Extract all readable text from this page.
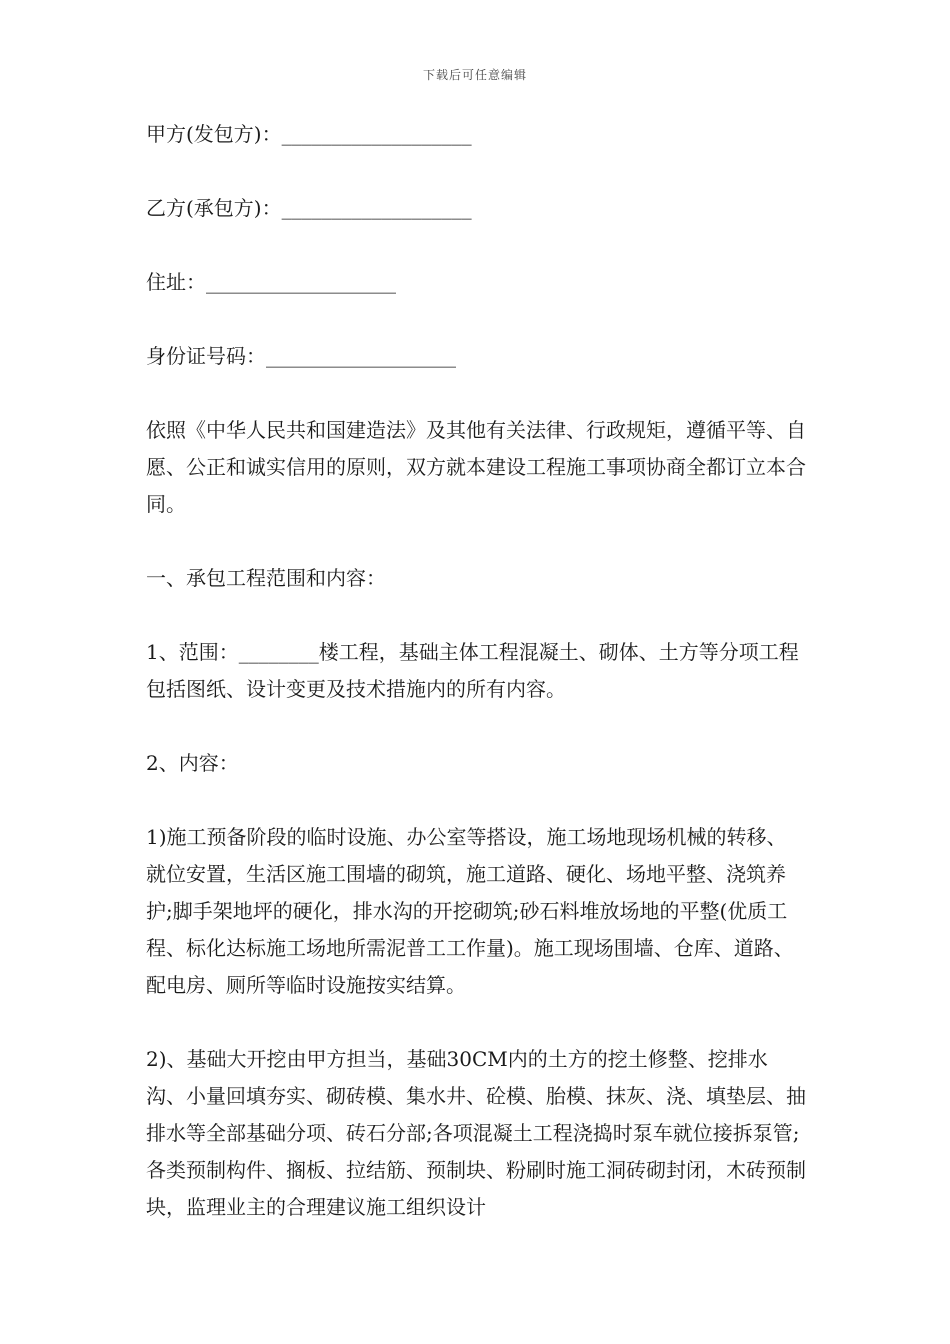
下载后可任意编辑

甲方(发包方)：___________________

乙方(承包方)：___________________

住址：___________________

身份证号码：___________________

依照《中华人民共和国建造法》及其他有关法律、行政规矩，遵循平等、自愿、公正和诚实信用的原则，双方就本建设工程施工事项协商全都订立本合同。

一、承包工程范围和内容：

1、范围：________楼工程，基础主体工程混凝土、砌体、土方等分项工程包括图纸、设计变更及技术措施内的所有内容。

2、内容：

1)施工预备阶段的临时设施、办公室等搭设，施工场地现场机械的转移、就位安置，生活区施工围墙的砌筑，施工道路、硬化、场地平整、浇筑养护;脚手架地坪的硬化，排水沟的开挖砌筑;砂石料堆放场地的平整(优质工程、标化达标施工场地所需泥普工工作量)。施工现场围墙、仓库、道路、配电房、厕所等临时设施按实结算。

2)、基础大开挖由甲方担当，基础30CM内的土方的挖土修整、挖排水沟、小量回填夯实、砌砖模、集水井、砼模、胎模、抹灰、浇、填垫层、抽排水等全部基础分项、砖石分部;各项混凝土工程浇捣时泵车就位接拆泵管;各类预制构件、搁板、拉结筋、预制块、粉刷时施工洞砖砌封闭，木砖预制块，监理业主的合理建议施工组织设计
